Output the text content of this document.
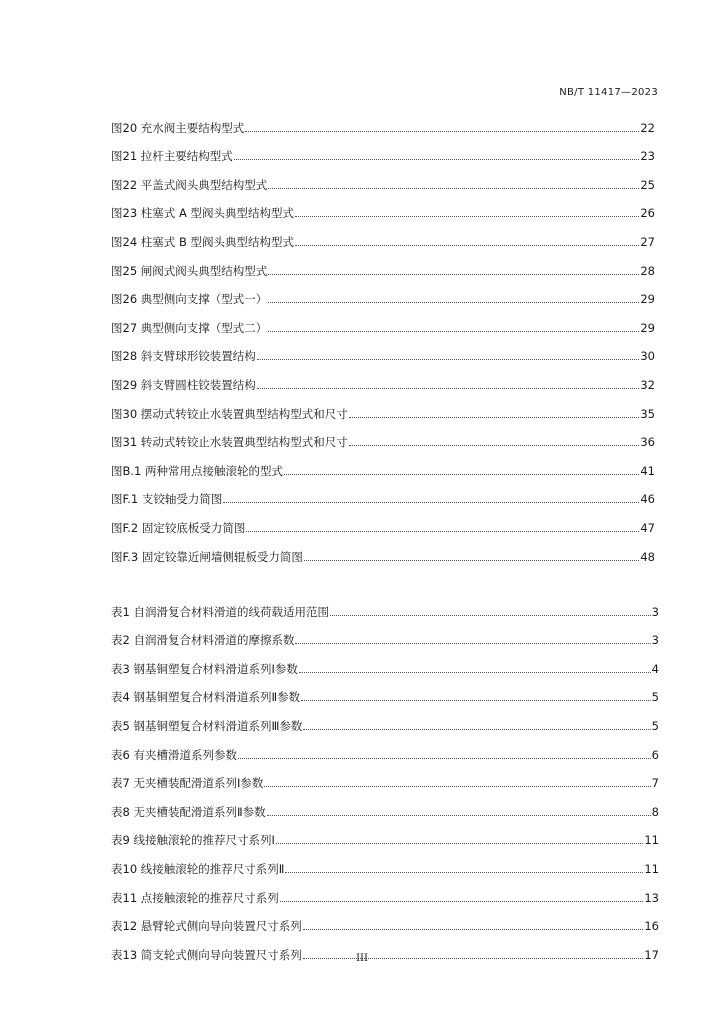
NB/T 11417—2023
图20 充水阀主要结构型式	22
图21 拉杆主要结构型式	23
图22 平盖式阀头典型结构型式	25
图23 柱塞式 A 型阀头典型结构型式	26
图24 柱塞式 B 型阀头典型结构型式	27
图25 闸阀式阀头典型结构型式	28
图26 典型侧向支撑（型式一）	29
图27 典型侧向支撑（型式二）	29
图28 斜支臂球形铰装置结构	30
图29 斜支臂圆柱铰装置结构	32
图30 摆动式转铰止水装置典型结构型式和尺寸	35
图31 转动式转铰止水装置典型结构型式和尺寸	36
图B.1 两种常用点接触滚轮的型式	41
图F.1 支铰轴受力简图	46
图F.2 固定铰底板受力简图	47
图F.3 固定铰靠近闸墙侧辊板受力简图	48
表1 自润滑复合材料滑道的线荷载适用范围	3
表2 自润滑复合材料滑道的摩擦系数	3
表3 钢基铜塑复合材料滑道系列Ⅰ参数	4
表4 钢基铜塑复合材料滑道系列Ⅱ参数	5
表5 钢基铜塑复合材料滑道系列Ⅲ参数	5
表6 有夹槽滑道系列参数	6
表7 无夹槽装配滑道系列Ⅰ参数	7
表8 无夹槽装配滑道系列Ⅱ参数	8
表9 线接触滚轮的推荐尺寸系列Ⅰ	11
表10 线接触滚轮的推荐尺寸系列Ⅱ	11
表11 点接触滚轮的推荐尺寸系列	13
表12 悬臂轮式侧向导向装置尺寸系列	16
表13 简支轮式侧向导向装置尺寸系列	17
III
